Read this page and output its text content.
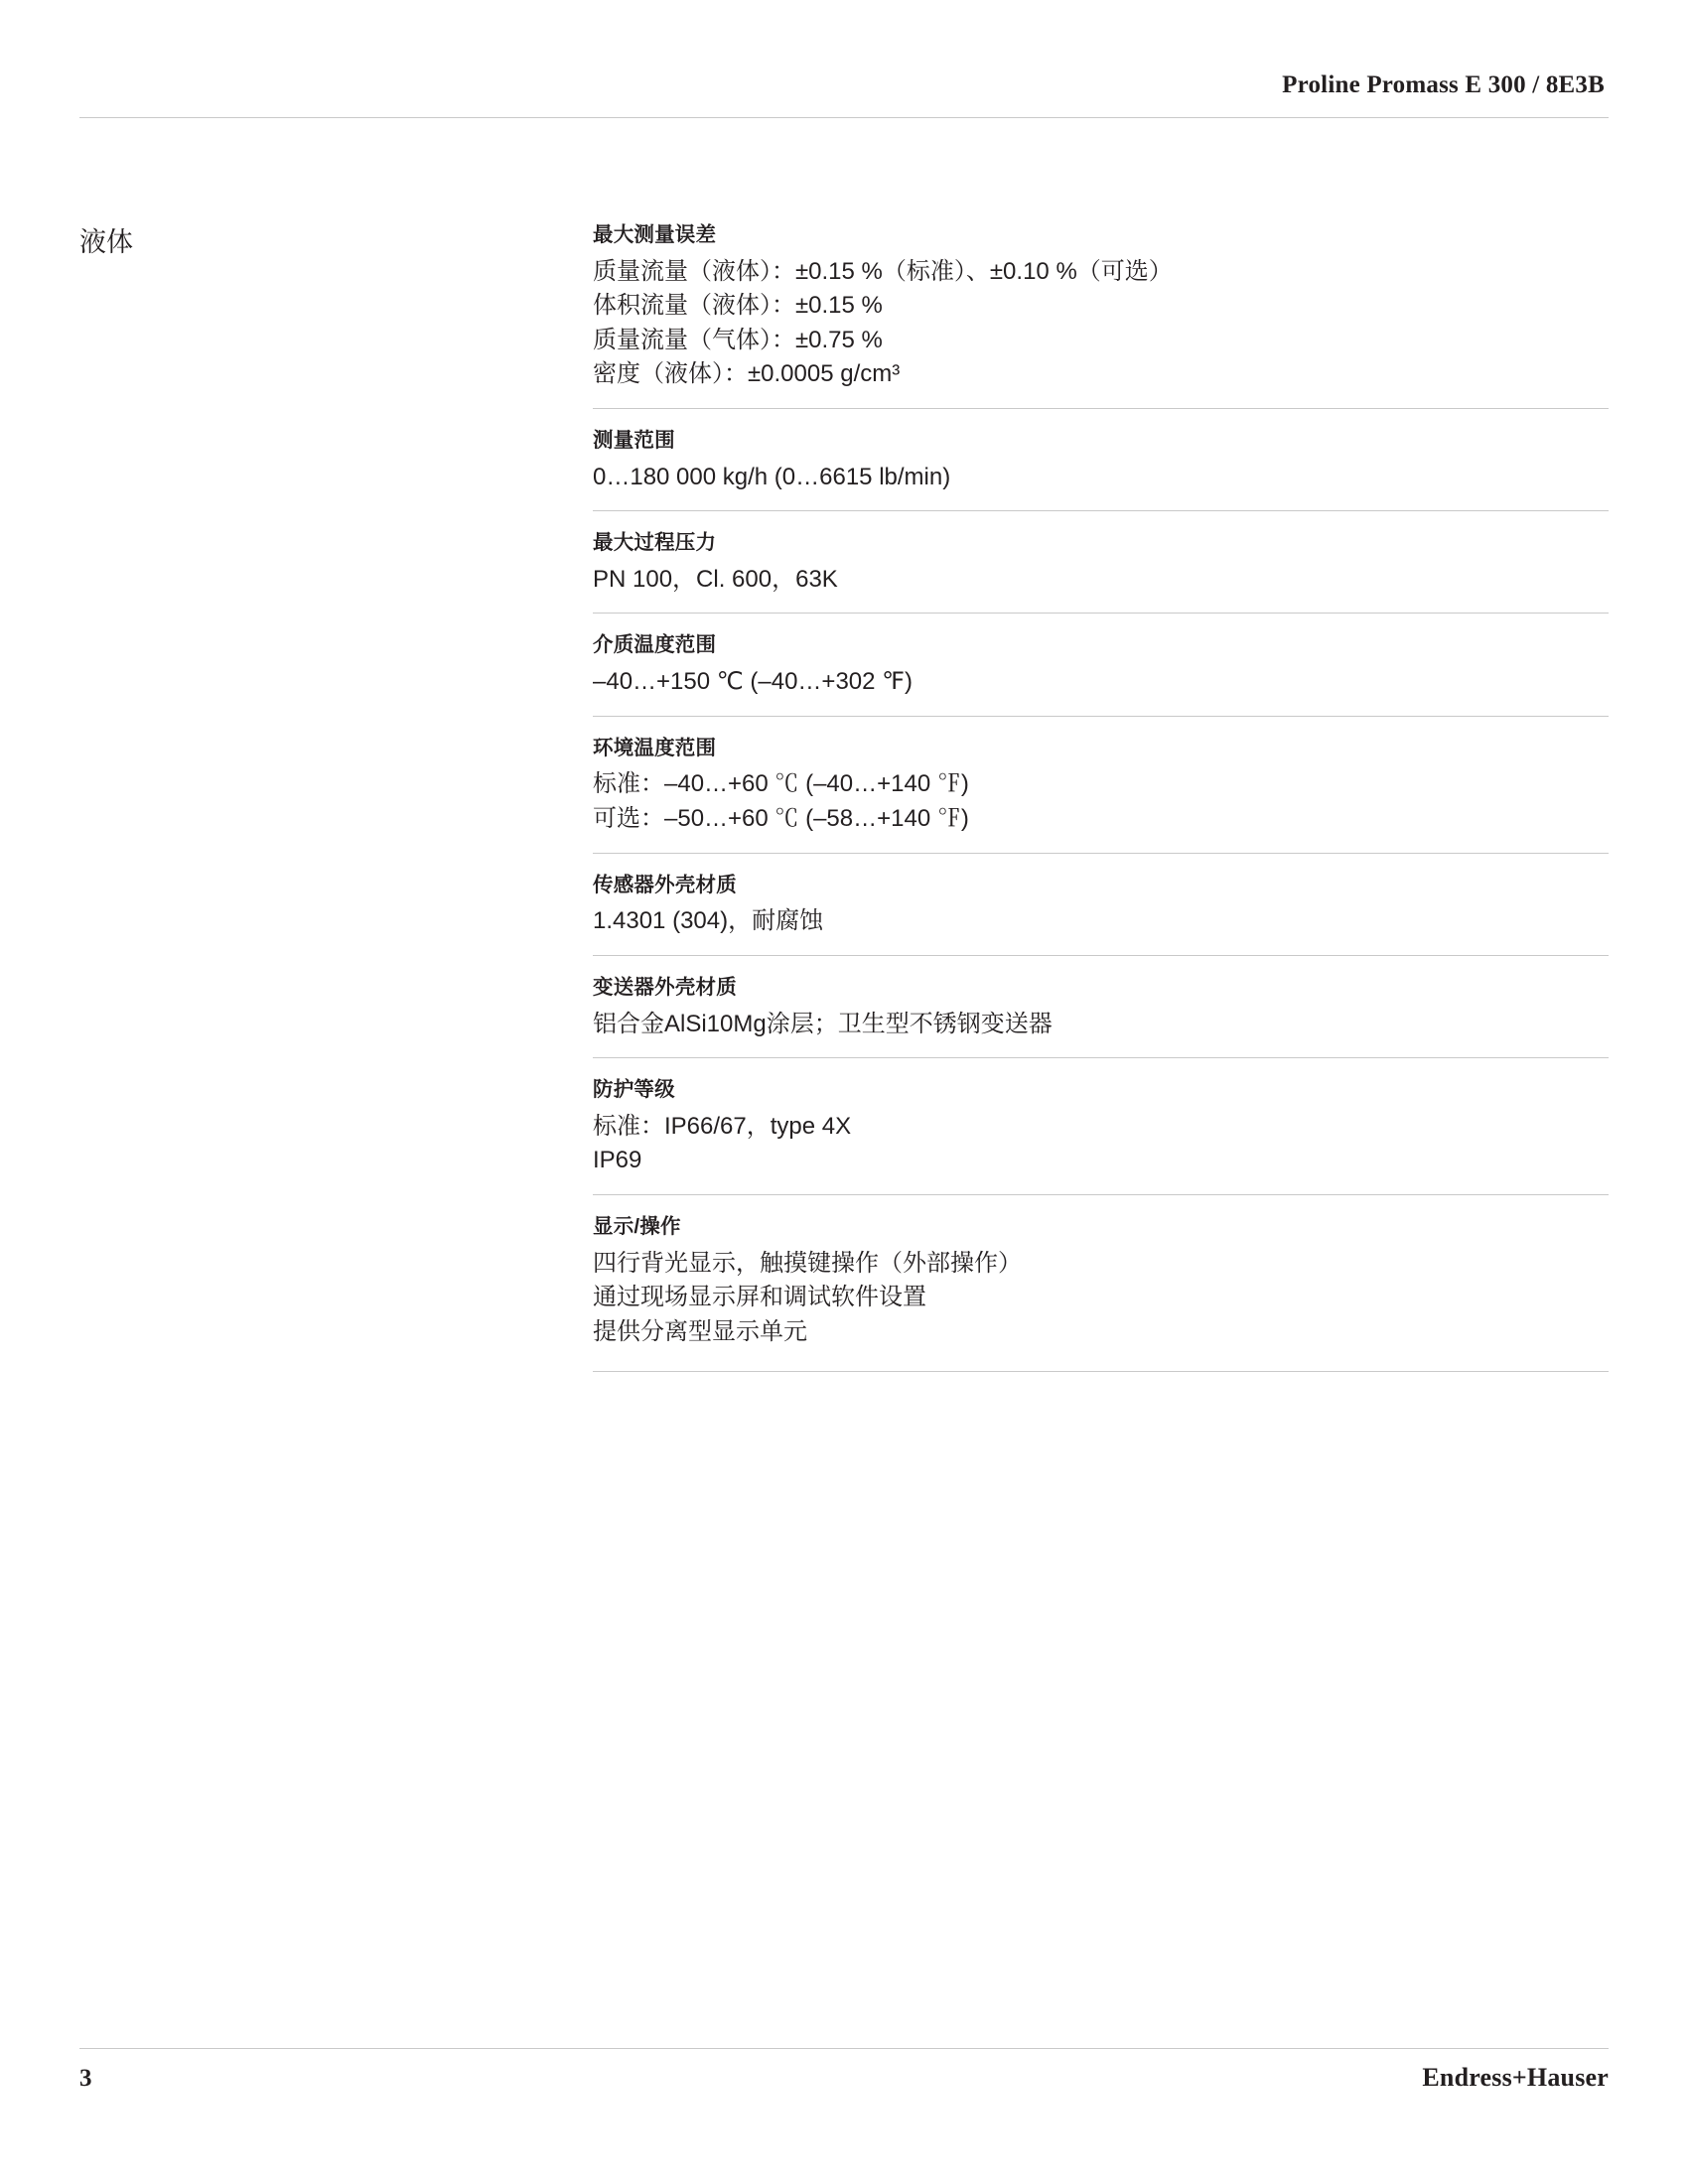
Proline Promass E 300 / 8E3B
液体	最大测量误差
质量流量（液体）：±0.15 %（标准）、±0.10 %（可选）
体积流量（液体）：±0.15 %
质量流量（气体）：±0.75 %
密度（液体）：±0.0005 g/cm³
测量范围
0…180 000 kg/h (0…6615 lb/min)
最大过程压力
PN 100，Cl. 600，63K
介质温度范围
–40…+150 ℃ (–40…+302 ℉)
环境温度范围
标准：–40…+60 ℃ (–40…+140 ℉)
可选：–50…+60 ℃ (–58…+140 ℉)
传感器外壳材质
1.4301 (304)，耐腐蚀
变送器外壳材质
铝合金AlSi10Mg涂层；卫生型不锈钢变送器
防护等级
标准：IP66/67，type 4X
IP69
显示/操作
四行背光显示，触摸键操作（外部操作）
通过现场显示屏和调试软件设置
提供分离型显示单元
3	Endress+Hauser
